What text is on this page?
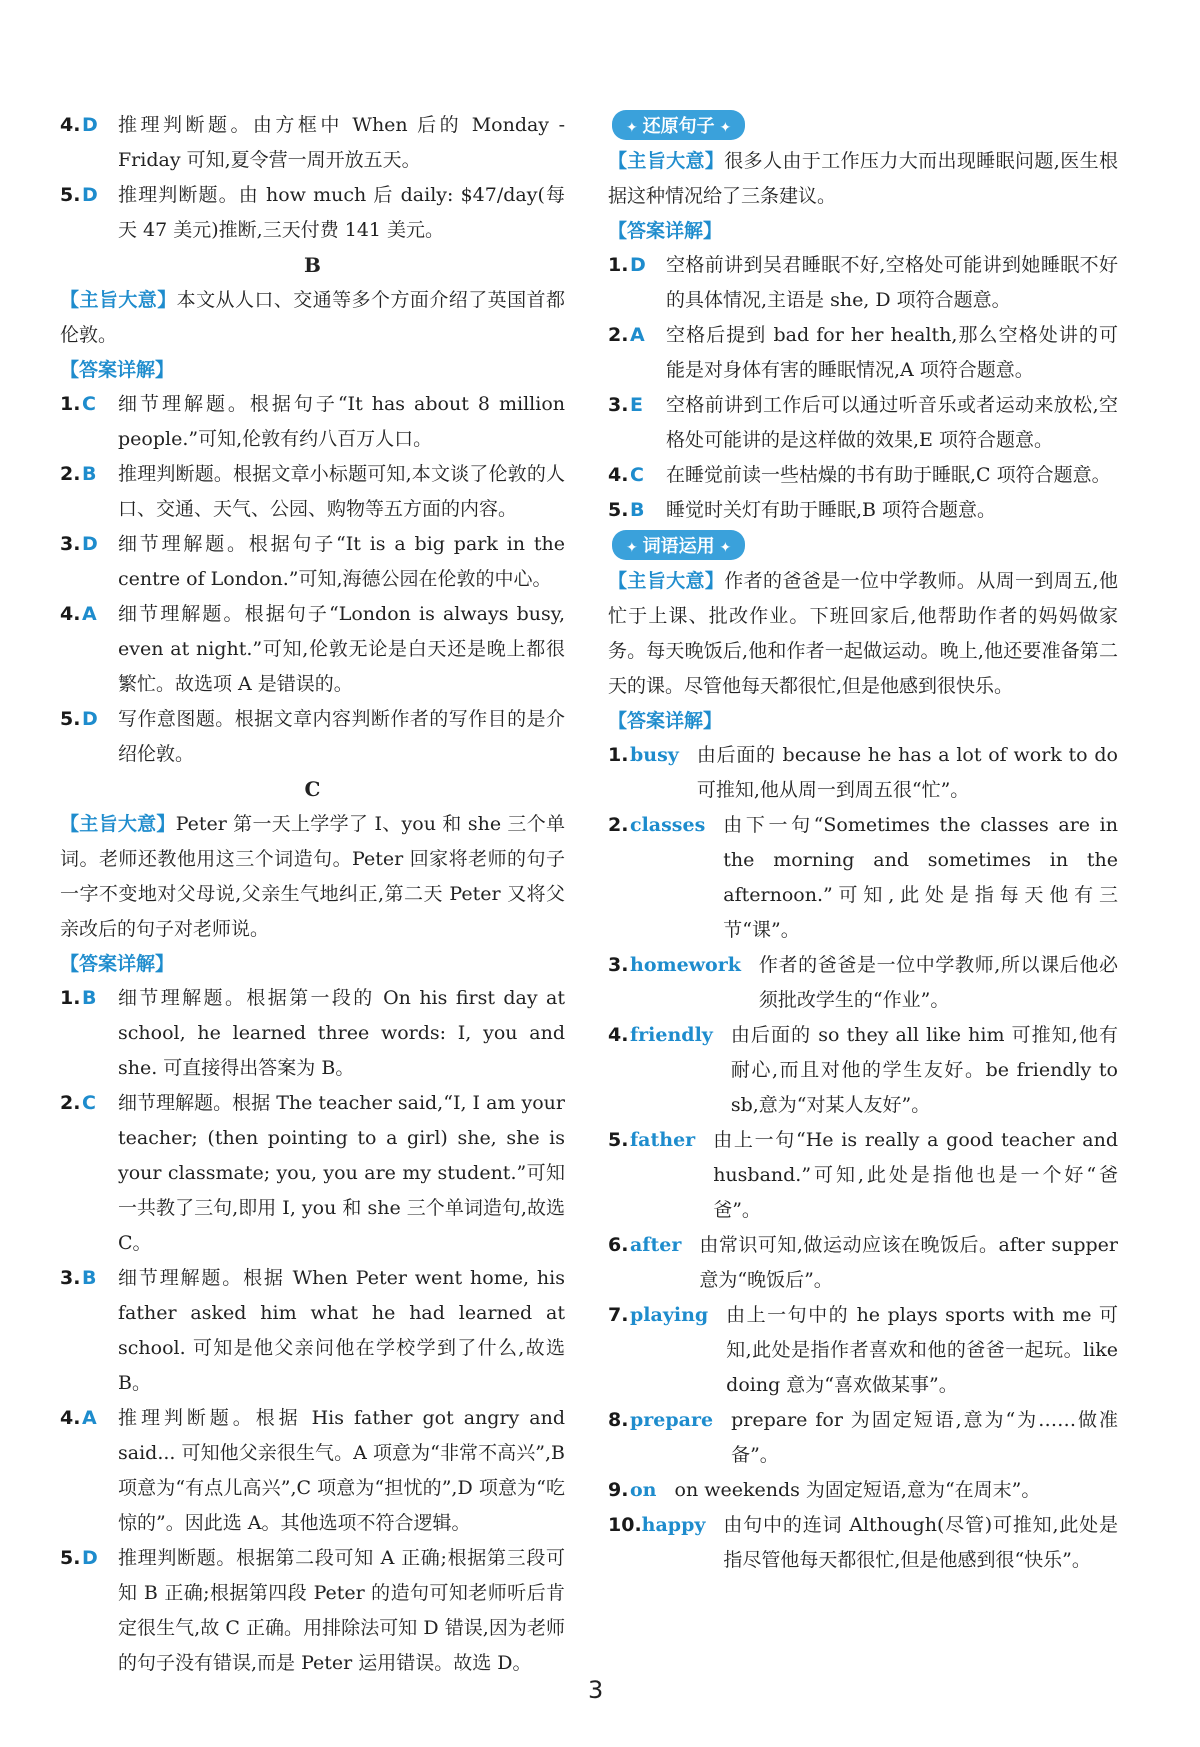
4. D	推理判断题。由方框中 When 后的 Monday - Friday 可知,夏令营一周开放五天。
5. D	推理判断题。由 how much 后 daily: $47/day(每天 47 美元)推断,三天付费 141 美元。
B

【主旨大意】本文从人口、交通等多个方面介绍了英国首都伦敦。

【答案详解】
1. C	细节理解题。根据句子“It has about 8 million people.”可知,伦敦有约八百万人口。
2. B	推理判断题。根据文章小标题可知,本文谈了伦敦的人口、交通、天气、公园、购物等五方面的内容。
3. D	细节理解题。根据句子“It is a big park in the centre of London.”可知,海德公园在伦敦的中心。
4. A	细节理解题。根据句子“London is always busy, even at night.”可知,伦敦无论是白天还是晚上都很繁忙。故选项 A 是错误的。
5. D	写作意图题。根据文章内容判断作者的写作目的是介绍伦敦。
C

【主旨大意】Peter 第一天上学学了 I、you 和 she 三个单词。老师还教他用这三个词造句。Peter 回家将老师的句子一字不变地对父母说,父亲生气地纠正,第二天 Peter 又将父亲改后的句子对老师说。

【答案详解】
1. B	细节理解题。根据第一段的 On his first day at school, he learned three words: I, you and she. 可直接得出答案为 B。
2. C	细节理解题。根据 The teacher said,“I, I am your teacher; (then pointing to a girl) she, she is your classmate; you, you are my student.”可知一共教了三句,即用 I, you 和 she 三个单词造句,故选 C。
3. B	细节理解题。根据 When Peter went home, his father asked him what he had learned at school. 可知是他父亲问他在学校学到了什么,故选 B。
4. A	推理判断题。根据 His father got angry and said... 可知他父亲很生气。A 项意为“非常不高兴”,B 项意为“有点儿高兴”,C 项意为“担忧的”,D 项意为“吃惊的”。因此选 A。其他选项不符合逻辑。
5. D	推理判断题。根据第二段可知 A 正确;根据第三段可知 B 正确;根据第四段 Peter 的造句可知老师听后肯定很生气,故 C 正确。用排除法可知 D 错误,因为老师的句子没有错误,而是 Peter 运用错误。故选 D。
✦ 还原句子 ✦

【主旨大意】很多人由于工作压力大而出现睡眠问题,医生根据这种情况给了三条建议。

【答案详解】
1. D	空格前讲到吴君睡眠不好,空格处可能讲到她睡眠不好的具体情况,主语是 she, D 项符合题意。
2. A	空格后提到 bad for her health,那么空格处讲的可能是对身体有害的睡眠情况,A 项符合题意。
3. E	空格前讲到工作后可以通过听音乐或者运动来放松,空格处可能讲的是这样做的效果,E 项符合题意。
4. C	在睡觉前读一些枯燥的书有助于睡眠,C 项符合题意。
5. B	睡觉时关灯有助于睡眠,B 项符合题意。
✦ 词语运用 ✦

【主旨大意】作者的爸爸是一位中学教师。从周一到周五,他忙于上课、批改作业。下班回家后,他帮助作者的妈妈做家务。每天晚饭后,他和作者一起做运动。晚上,他还要准备第二天的课。尽管他每天都很忙,但是他感到很快乐。

【答案详解】
1. busy 由后面的 because he has a lot of work to do 可推知,他从周一到周五很“忙”。
2. classes 由下一句“Sometimes the classes are in the morning and sometimes in the afternoon.”可知,此处是指每天他有三节“课”。
3. homework 作者的爸爸是一位中学教师,所以课后他必须批改学生的“作业”。
4. friendly 由后面的 so they all like him 可推知,他有耐心,而且对他的学生友好。be friendly to sb,意为“对某人友好”。
5. father 由上一句“He is really a good teacher and husband.”可知,此处是指他也是一个好“爸爸”。
6. after 由常识可知,做运动应该在晚饭后。after supper 意为“晚饭后”。
7. playing 由上一句中的 he plays sports with me 可知,此处是指作者喜欢和他的爸爸一起玩。like doing 意为“喜欢做某事”。
8. prepare prepare for 为固定短语,意为“为……做准备”。
9. on on weekends 为固定短语,意为“在周末”。
10. happy 由句中的连词 Although(尽管)可推知,此处是指尽管他每天都很忙,但是他感到很“快乐”。
3
